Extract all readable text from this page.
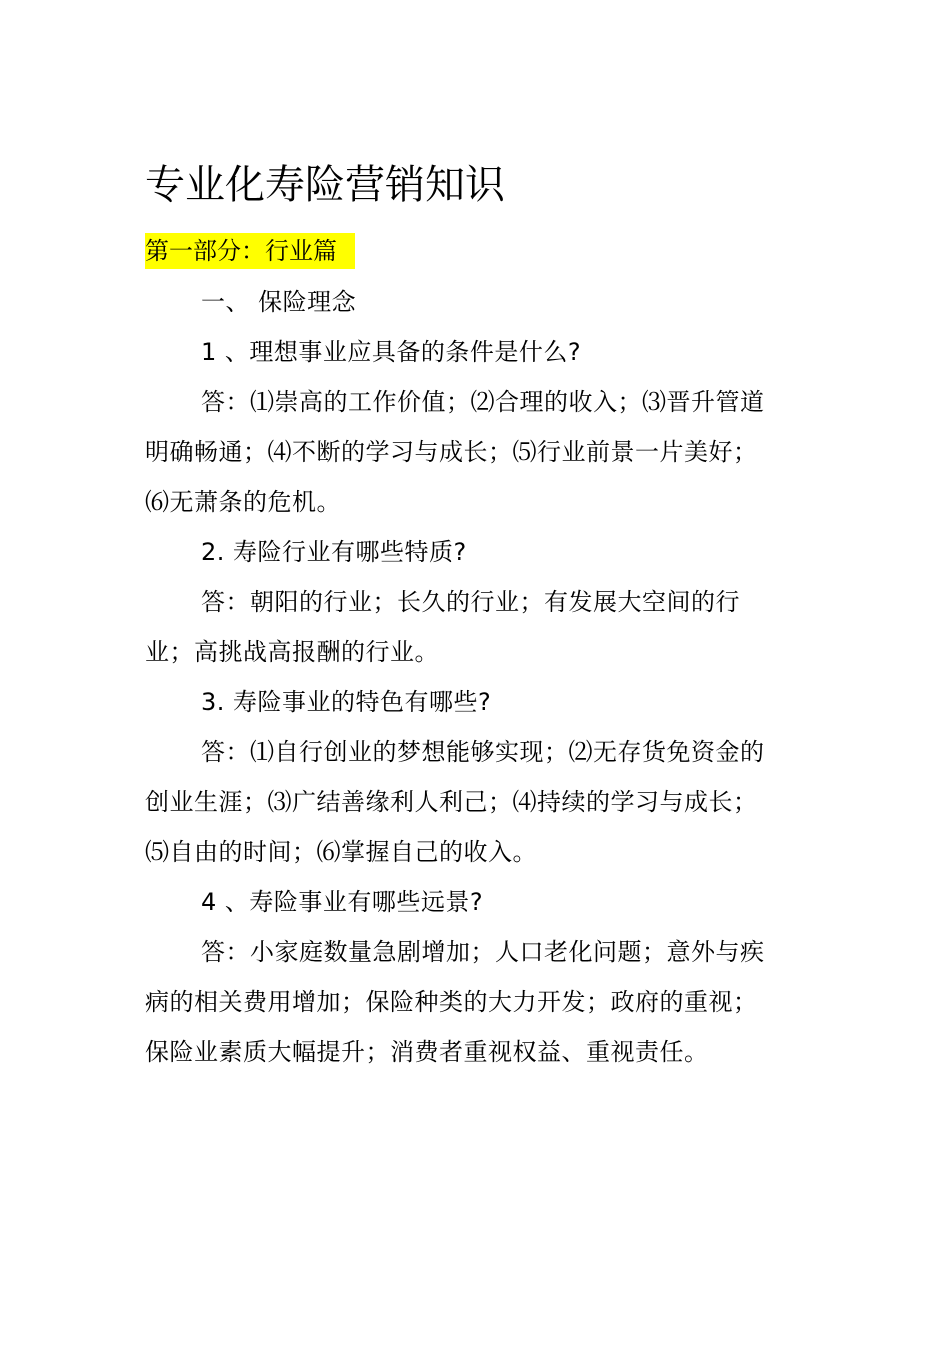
专业化寿险营销知识
第一部分：行业篇

一、 保险理念

1 、理想事业应具备的条件是什么?

答：⑴崇高的工作价值；⑵合理的收入；⑶晋升管道明确畅通；⑷不断的学习与成长；⑸行业前景一片美好；⑹无萧条的危机。

2. 寿险行业有哪些特质?

答：朝阳的行业；长久的行业；有发展大空间的行业；高挑战高报酬的行业。

3. 寿险事业的特色有哪些?

答：⑴自行创业的梦想能够实现；⑵无存货免资金的创业生涯；⑶广结善缘利人利己；⑷持续的学习与成长；⑸自由的时间；⑹掌握自己的收入。

4 、寿险事业有哪些远景?

答：小家庭数量急剧增加；人口老化问题；意外与疾病的相关费用增加；保险种类的大力开发；政府的重视；保险业素质大幅提升；消费者重视权益、重视责任。
